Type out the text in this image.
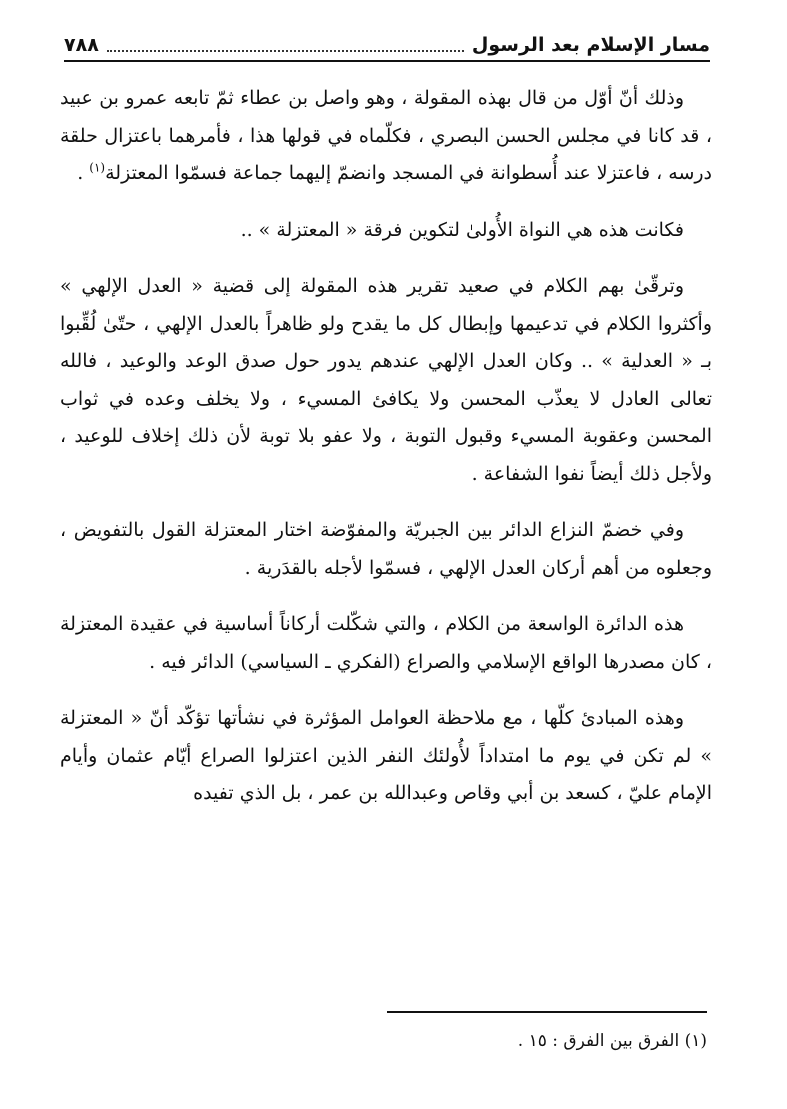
مسار الإسلام بعد الرسول
٧٨٨

وذلك أنّ أوّل من قال بهذه المقولة ، وهو واصل بن عطاء ثمّ تابعه عمرو بن عبيد ، قد كانا في مجلس الحسن البصري ، فكلّماه في قولها هذا ، فأمرهما باعتزال حلقة درسه ، فاعتزلا عند أُسطوانة في المسجد وانضمّ إليهما جماعة فسمّوا المعتزلة$^{(١)}$ .

فكانت هذه هي النواة الأُولىٰ لتكوين فرقة « المعتزلة » ..

وترقّىٰ بهم الكلام في صعيد تقرير هذه المقولة إلى قضية « العدل الإلهي » وأكثروا الكلام في تدعيمها وإبطال كل ما يقدح ولو ظاهراً بالعدل الإلهي ، حتّىٰ لُقِّبوا بـ « العدلية » .. وكان العدل الإلهي عندهم يدور حول صدق الوعد والوعيد ، فالله تعالى العادل لا يعذّب المحسن ولا يكافئ المسيء ، ولا يخلف وعده في ثواب المحسن وعقوبة المسيء وقبول التوبة ، ولا عفو بلا توبة لأن ذلك إخلاف للوعيد ، ولأجل ذلك أيضاً نفوا الشفاعة .

وفي خضمّ النزاع الدائر بين الجبريّة والمفوّضة اختار المعتزلة القول بالتفويض ، وجعلوه من أهم أركان العدل الإلهي ، فسمّوا لأجله بالقدَرية .

هذه الدائرة الواسعة من الكلام ، والتي شكّلت أركاناً أساسية في عقيدة المعتزلة ، كان مصدرها الواقع الإسلامي والصراع (الفكري ـ السياسي) الدائر فيه .

وهذه المبادئ كلّها ، مع ملاحظة العوامل المؤثرة في نشأتها تؤكّد أنّ « المعتزلة » لم تكن في يوم ما امتداداً لأُولئك النفر الذين اعتزلوا الصراع أيّام عثمان وأيام الإمام عليّ ، كسعد بن أبي وقاص وعبدالله بن عمر ، بل الذي تفيده

(١) الفرق بين الفرق : ١٥ .
